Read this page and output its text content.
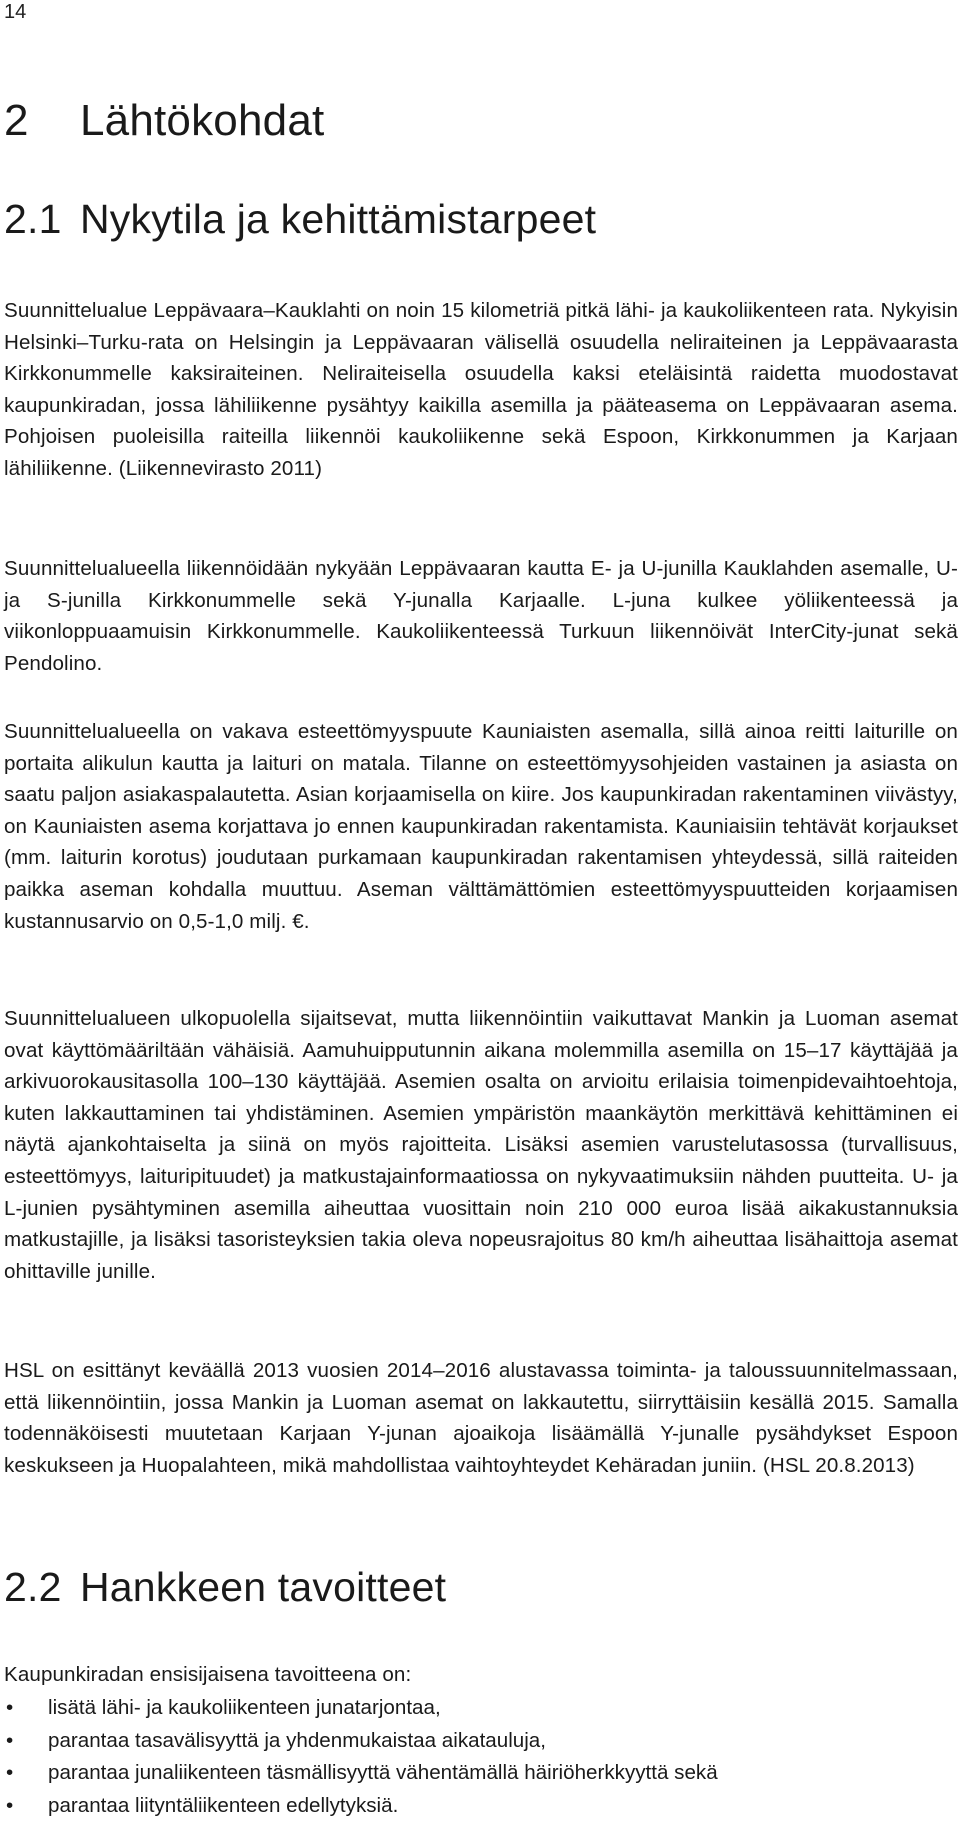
14
2 Lähtökohdat
2.1 Nykytila ja kehittämistarpeet

Suunnittelualue Leppävaara–Kauklahti on noin 15 kilometriä pitkä lähi- ja kaukoliikenteen rata. Nykyisin Helsinki–Turku-rata on Helsingin ja Leppävaaran välisellä osuudella neliraiteinen ja Leppävaarasta Kirkkonummelle kaksiraiteinen. Neliraiteisella osuudella kaksi eteläisintä raidetta muodostavat kaupunkiradan, jossa lähiliikenne pysähtyy kaikilla asemilla ja pääteasema on Leppävaaran asema. Pohjoisen puoleisilla raiteilla liikennöi kaukoliikenne sekä Espoon, Kirkkonummen ja Karjaan lähiliikenne. (Liikennevirasto 2011)

Suunnittelualueella liikennöidään nykyään Leppävaaran kautta E- ja U-junilla Kauklahden asemalle, U- ja S-junilla Kirkkonummelle sekä Y-junalla Karjaalle. L-juna kulkee yöliikenteessä ja viikonloppuaamuisin Kirkkonummelle. Kaukoliikenteessä Turkuun liikennöivät InterCity-junat sekä Pendolino.

Suunnittelualueella on vakava esteettömyyspuute Kauniaisten asemalla, sillä ainoa reitti laiturille on portaita alikulun kautta ja laituri on matala. Tilanne on esteettömyysohjeiden vastainen ja asiasta on saatu paljon asiakaspalautetta. Asian korjaamisella on kiire. Jos kaupunkiradan rakentaminen viivästyy, on Kauniaisten asema korjattava jo ennen kaupunkiradan rakentamista. Kauniaisiin tehtävät korjaukset (mm. laiturin korotus) joudutaan purkamaan kaupunkiradan rakentamisen yhteydessä, sillä raiteiden paikka aseman kohdalla muuttuu. Aseman välttämättömien esteettömyyspuutteiden korjaamisen kustannusarvio on 0,5-1,0 milj. €.

Suunnittelualueen ulkopuolella sijaitsevat, mutta liikennöintiin vaikuttavat Mankin ja Luoman asemat ovat käyttömääriltään vähäisiä. Aamuhuipputunnin aikana molemmilla asemilla on 15–17 käyttäjää ja arkivuorokausitasolla 100–130 käyttäjää. Asemien osalta on arvioitu erilaisia toimenpidevaihtoehtoja, kuten lakkauttaminen tai yhdistäminen. Asemien ympäristön maankäytön merkittävä kehittäminen ei näytä ajankohtaiselta ja siinä on myös rajoitteita. Lisäksi asemien varustelutasossa (turvallisuus, esteettömyys, laituripituudet) ja matkustajainformaatiossa on nykyvaatimuksiin nähden puutteita. U- ja L-junien pysähtyminen asemilla aiheuttaa vuosittain noin 210 000 euroa lisää aikakustannuksia matkustajille, ja lisäksi tasoristeyksien takia oleva nopeusrajoitus 80 km/h aiheuttaa lisähaittoja asemat ohittaville junille.

HSL on esittänyt keväällä 2013 vuosien 2014–2016 alustavassa toiminta- ja taloussuunnitelmassaan, että liikennöintiin, jossa Mankin ja Luoman asemat on lakkautettu, siirryttäisiin kesällä 2015. Samalla todennäköisesti muutetaan Karjaan Y-junan ajoaikoja lisäämällä Y-junalle pysähdykset Espoon keskukseen ja Huopalahteen, mikä mahdollistaa vaihtoyhteydet Kehäradan juniin. (HSL 20.8.2013)

2.2 Hankkeen tavoitteet

Kaupunkiradan ensisijaisena tavoitteena on:

• lisätä lähi- ja kaukoliikenteen junatarjontaa,
• parantaa tasavälisyyttä ja yhdenmukaistaa aikatauluja,
• parantaa junaliikenteen täsmällisyyttä vähentämällä häiriöherkkyyttä sekä
• parantaa liityntäliikenteen edellytyksiä.
